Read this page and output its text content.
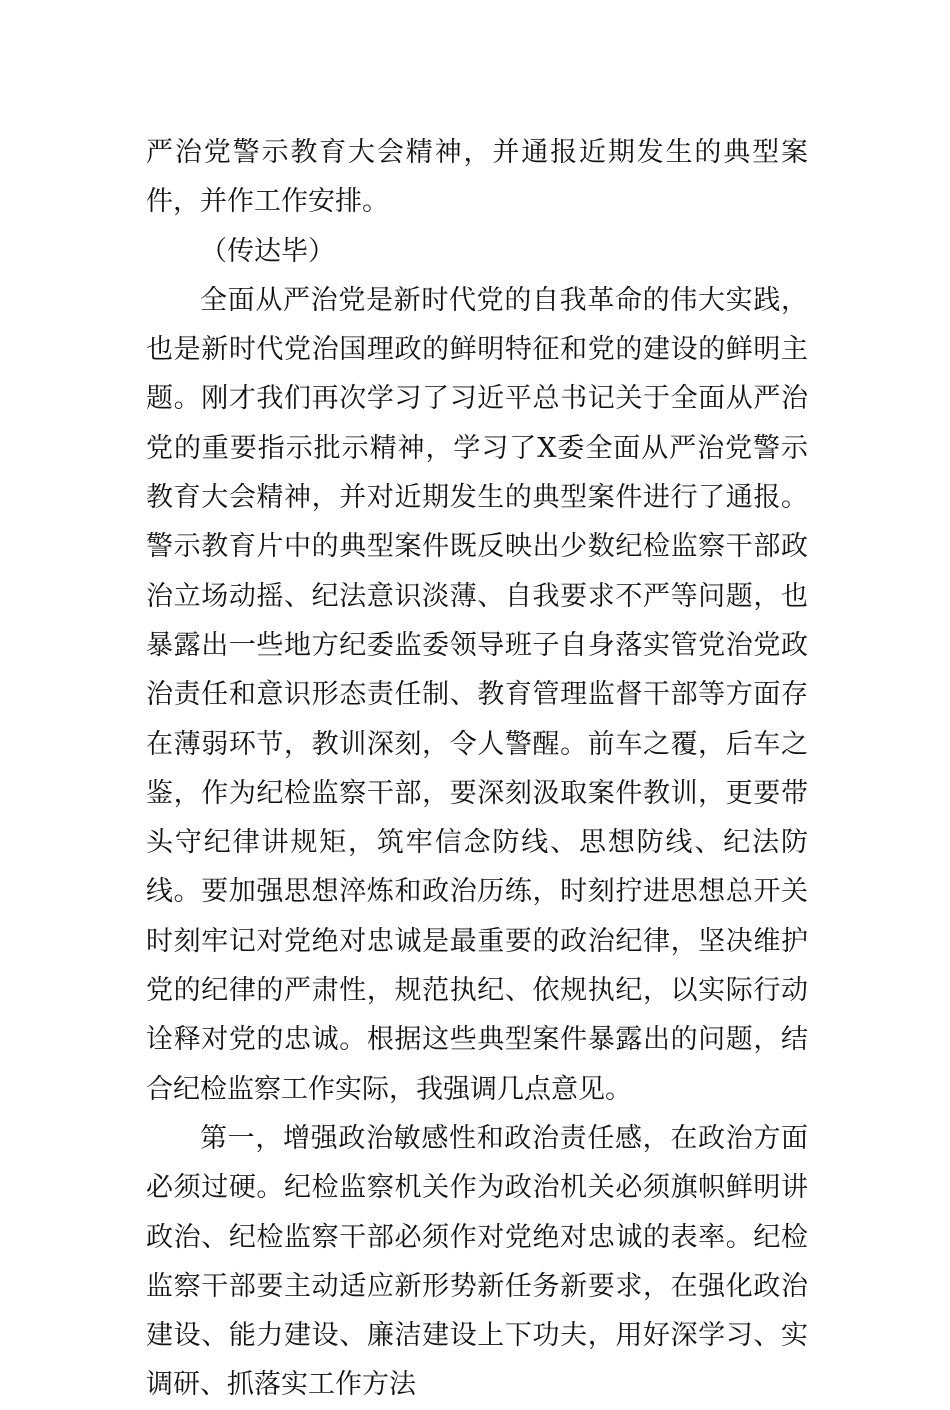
严治党警示教育大会精神，并通报近期发生的典型案件，并作工作安排。

（传达毕）

全面从严治党是新时代党的自我革命的伟大实践，也是新时代党治国理政的鲜明特征和党的建设的鲜明主题。刚才我们再次学习了习近平总书记关于全面从严治党的重要指示批示精神，学习了X委全面从严治党警示教育大会精神，并对近期发生的典型案件进行了通报。警示教育片中的典型案件既反映出少数纪检监察干部政治立场动摇、纪法意识淡薄、自我要求不严等问题，也暴露出一些地方纪委监委领导班子自身落实管党治党政治责任和意识形态责任制、教育管理监督干部等方面存在薄弱环节，教训深刻，令人警醒。前车之覆，后车之鉴，作为纪检监察干部，要深刻汲取案件教训，更要带头守纪律讲规矩，筑牢信念防线、思想防线、纪法防线。要加强思想淬炼和政治历练，时刻拧进思想总开关时刻牢记对党绝对忠诚是最重要的政治纪律，坚决维护党的纪律的严肃性，规范执纪、依规执纪，以实际行动诠释对党的忠诚。根据这些典型案件暴露出的问题，结合纪检监察工作实际，我强调几点意见。

第一，增强政治敏感性和政治责任感，在政治方面必须过硬。纪检监察机关作为政治机关必须旗帜鲜明讲政治、纪检监察干部必须作对党绝对忠诚的表率。纪检监察干部要主动适应新形势新任务新要求，在强化政治建设、能力建设、廉洁建设上下功夫，用好深学习、实调研、抓落实工作方法
